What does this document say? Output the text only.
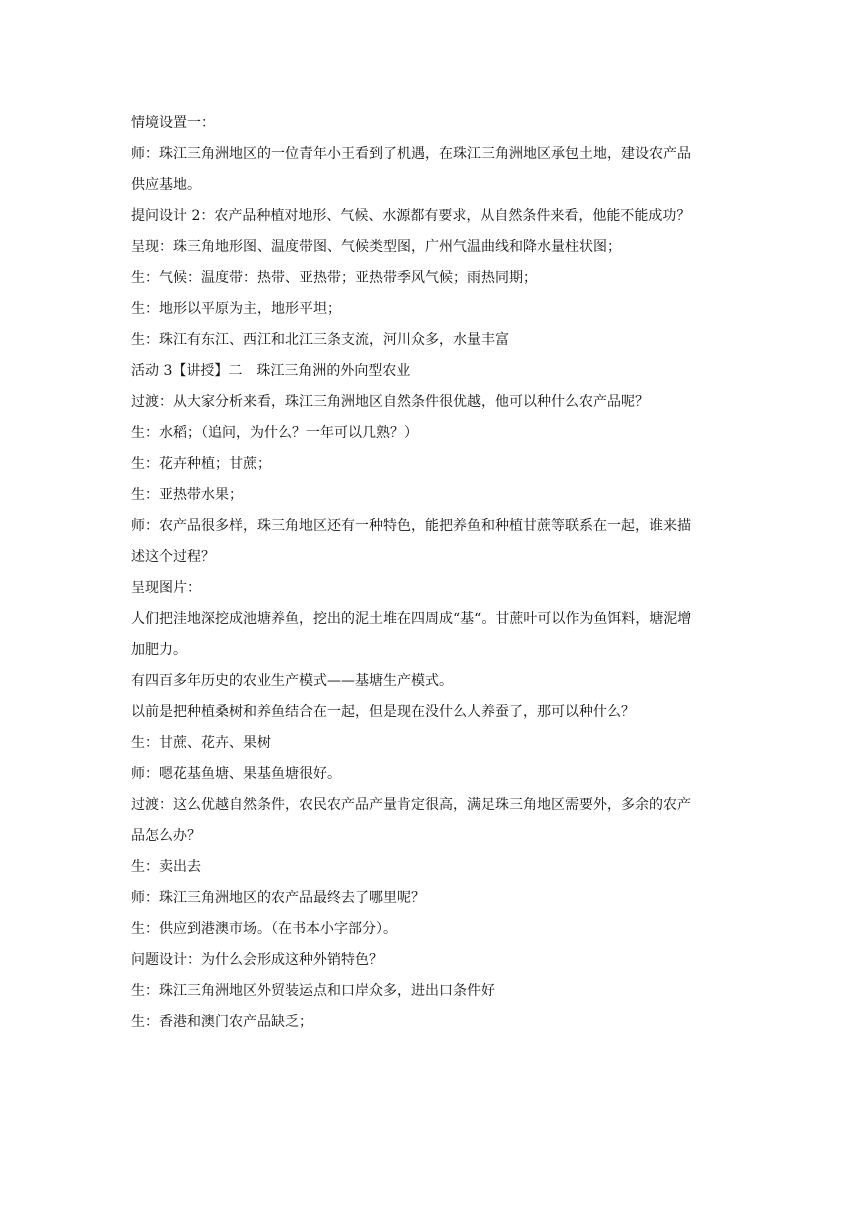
情境设置一：
师：珠江三角洲地区的一位青年小王看到了机遇，在珠江三角洲地区承包土地，建设农产品
供应基地。
提问设计 2：农产品种植对地形、气候、水源都有要求，从自然条件来看，他能不能成功？
呈现：珠三角地形图、温度带图、气候类型图，广州气温曲线和降水量柱状图；
生：气候：温度带：热带、亚热带；亚热带季风气候；雨热同期；
生：地形以平原为主，地形平坦；
生：珠江有东江、西江和北江三条支流，河川众多，水量丰富
活动 3【讲授】二　珠江三角洲的外向型农业
过渡：从大家分析来看，珠江三角洲地区自然条件很优越，他可以种什么农产品呢？
生：水稻；（追问，为什么？一年可以几熟？）
生：花卉种植；甘蔗；
生：亚热带水果；
师：农产品很多样，珠三角地区还有一种特色，能把养鱼和种植甘蔗等联系在一起，谁来描
述这个过程？
呈现图片：
人们把洼地深挖成池塘养鱼，挖出的泥土堆在四周成“基“。甘蔗叶可以作为鱼饵料，塘泥增
加肥力。
有四百多年历史的农业生产模式——基塘生产模式。
以前是把种植桑树和养鱼结合在一起，但是现在没什么人养蚕了，那可以种什么？
生：甘蔗、花卉、果树
师：嗯花基鱼塘、果基鱼塘很好。
过渡：这么优越自然条件，农民农产品产量肯定很高，满足珠三角地区需要外，多余的农产
品怎么办？
生：卖出去
师：珠江三角洲地区的农产品最终去了哪里呢？
生：供应到港澳市场。（在书本小字部分）。
问题设计：为什么会形成这种外销特色？
生：珠江三角洲地区外贸装运点和口岸众多，进出口条件好
生：香港和澳门农产品缺乏；
